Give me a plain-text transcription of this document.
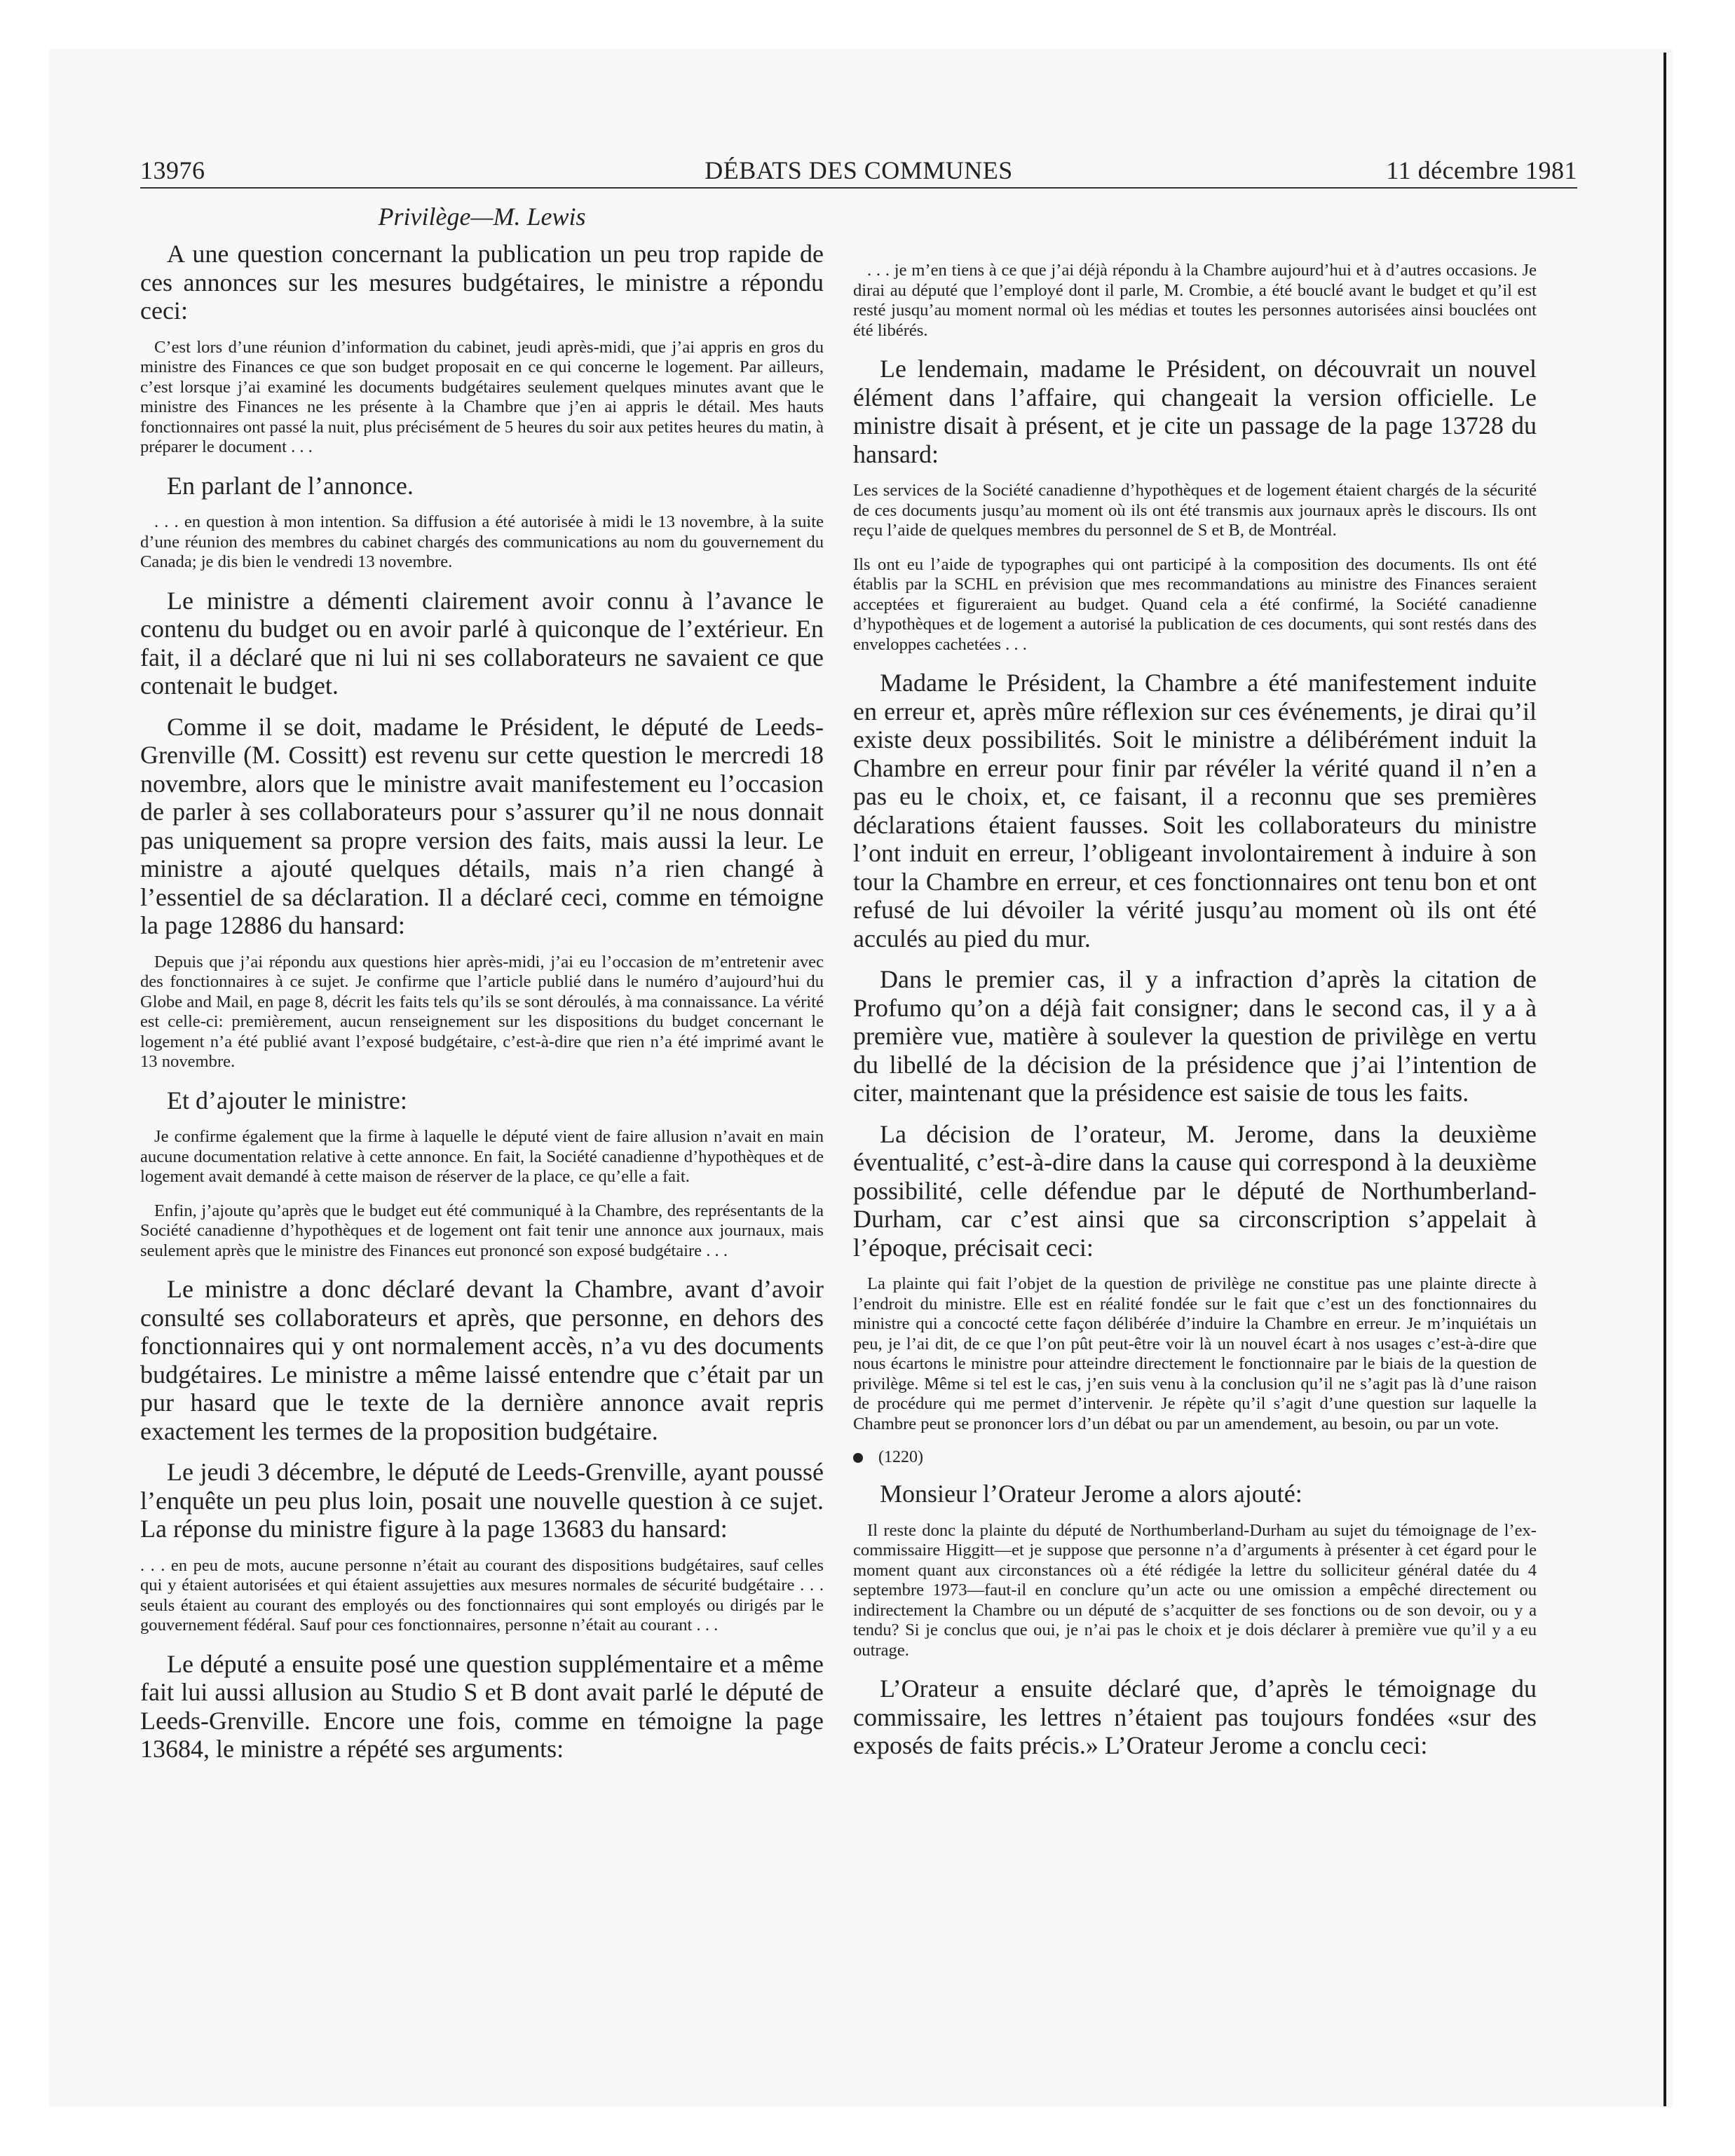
13976	DÉBATS DES COMMUNES	11 décembre 1981

Privilège—M. Lewis

A une question concernant la publication un peu trop rapide de ces annonces sur les mesures budgétaires, le ministre a répondu ceci:

C’est lors d’une réunion d’information du cabinet, jeudi après-midi, que j’ai appris en gros du ministre des Finances ce que son budget proposait en ce qui concerne le logement. Par ailleurs, c’est lorsque j’ai examiné les documents budgétaires seulement quelques minutes avant que le ministre des Finances ne les présente à la Chambre que j’en ai appris le détail. Mes hauts fonctionnaires ont passé la nuit, plus précisément de 5 heures du soir aux petites heures du matin, à préparer le document . . .

En parlant de l’annonce.

. . . en question à mon intention. Sa diffusion a été autorisée à midi le 13 novembre, à la suite d’une réunion des membres du cabinet chargés des communications au nom du gouvernement du Canada; je dis bien le vendredi 13 novembre.

Le ministre a démenti clairement avoir connu à l’avance le contenu du budget ou en avoir parlé à quiconque de l’extérieur. En fait, il a déclaré que ni lui ni ses collaborateurs ne savaient ce que contenait le budget.

Comme il se doit, madame le Président, le député de Leeds-Grenville (M. Cossitt) est revenu sur cette question le mercredi 18 novembre, alors que le ministre avait manifestement eu l’occasion de parler à ses collaborateurs pour s’assurer qu’il ne nous donnait pas uniquement sa propre version des faits, mais aussi la leur. Le ministre a ajouté quelques détails, mais n’a rien changé à l’essentiel de sa déclaration. Il a déclaré ceci, comme en témoigne la page 12886 du hansard:

Depuis que j’ai répondu aux questions hier après-midi, j’ai eu l’occasion de m’entretenir avec des fonctionnaires à ce sujet. Je confirme que l’article publié dans le numéro d’aujourd’hui du Globe and Mail, en page 8, décrit les faits tels qu’ils se sont déroulés, à ma connaissance. La vérité est celle-ci: premièrement, aucun renseignement sur les dispositions du budget concernant le logement n’a été publié avant l’exposé budgétaire, c’est-à-dire que rien n’a été imprimé avant le 13 novembre.

Et d’ajouter le ministre:

Je confirme également que la firme à laquelle le député vient de faire allusion n’avait en main aucune documentation relative à cette annonce. En fait, la Société canadienne d’hypothèques et de logement avait demandé à cette maison de réserver de la place, ce qu’elle a fait.

Enfin, j’ajoute qu’après que le budget eut été communiqué à la Chambre, des représentants de la Société canadienne d’hypothèques et de logement ont fait tenir une annonce aux journaux, mais seulement après que le ministre des Finances eut prononcé son exposé budgétaire . . .

Le ministre a donc déclaré devant la Chambre, avant d’avoir consulté ses collaborateurs et après, que personne, en dehors des fonctionnaires qui y ont normalement accès, n’a vu des documents budgétaires. Le ministre a même laissé entendre que c’était par un pur hasard que le texte de la dernière annonce avait repris exactement les termes de la proposition budgétaire.

Le jeudi 3 décembre, le député de Leeds-Grenville, ayant poussé l’enquête un peu plus loin, posait une nouvelle question à ce sujet. La réponse du ministre figure à la page 13683 du hansard:

. . . en peu de mots, aucune personne n’était au courant des dispositions budgétaires, sauf celles qui y étaient autorisées et qui étaient assujetties aux mesures normales de sécurité budgétaire . . . seuls étaient au courant des employés ou des fonctionnaires qui sont employés ou dirigés par le gouvernement fédéral. Sauf pour ces fonctionnaires, personne n’était au courant . . .

Le député a ensuite posé une question supplémentaire et a même fait lui aussi allusion au Studio S et B dont avait parlé le député de Leeds-Grenville. Encore une fois, comme en témoigne la page 13684, le ministre a répété ses arguments:

. . . je m’en tiens à ce que j’ai déjà répondu à la Chambre aujourd’hui et à d’autres occasions. Je dirai au député que l’employé dont il parle, M. Crombie, a été bouclé avant le budget et qu’il est resté jusqu’au moment normal où les médias et toutes les personnes autorisées ainsi bouclées ont été libérés.

Le lendemain, madame le Président, on découvrait un nouvel élément dans l’affaire, qui changeait la version officielle. Le ministre disait à présent, et je cite un passage de la page 13728 du hansard:

Les services de la Société canadienne d’hypothèques et de logement étaient chargés de la sécurité de ces documents jusqu’au moment où ils ont été transmis aux journaux après le discours. Ils ont reçu l’aide de quelques membres du personnel de S et B, de Montréal.

Ils ont eu l’aide de typographes qui ont participé à la composition des documents. Ils ont été établis par la SCHL en prévision que mes recommandations au ministre des Finances seraient acceptées et figureraient au budget. Quand cela a été confirmé, la Société canadienne d’hypothèques et de logement a autorisé la publication de ces documents, qui sont restés dans des enveloppes cachetées . . .

Madame le Président, la Chambre a été manifestement induite en erreur et, après mûre réflexion sur ces événements, je dirai qu’il existe deux possibilités. Soit le ministre a délibérément induit la Chambre en erreur pour finir par révéler la vérité quand il n’en a pas eu le choix, et, ce faisant, il a reconnu que ses premières déclarations étaient fausses. Soit les collaborateurs du ministre l’ont induit en erreur, l’obligeant involontairement à induire à son tour la Chambre en erreur, et ces fonctionnaires ont tenu bon et ont refusé de lui dévoiler la vérité jusqu’au moment où ils ont été acculés au pied du mur.

Dans le premier cas, il y a infraction d’après la citation de Profumo qu’on a déjà fait consigner; dans le second cas, il y a à première vue, matière à soulever la question de privilège en vertu du libellé de la décision de la présidence que j’ai l’intention de citer, maintenant que la présidence est saisie de tous les faits.

La décision de l’orateur, M. Jerome, dans la deuxième éventualité, c’est-à-dire dans la cause qui correspond à la deuxième possibilité, celle défendue par le député de Northumberland-Durham, car c’est ainsi que sa circonscription s’appelait à l’époque, précisait ceci:

La plainte qui fait l’objet de la question de privilège ne constitue pas une plainte directe à l’endroit du ministre. Elle est en réalité fondée sur le fait que c’est un des fonctionnaires du ministre qui a concocté cette façon délibérée d’induire la Chambre en erreur. Je m’inquiétais un peu, je l’ai dit, de ce que l’on pût peut-être voir là un nouvel écart à nos usages c’est-à-dire que nous écartons le ministre pour atteindre directement le fonctionnaire par le biais de la question de privilège. Même si tel est le cas, j’en suis venu à la conclusion qu’il ne s’agit pas là d’une raison de procédure qui me permet d’intervenir. Je répète qu’il s’agit d’une question sur laquelle la Chambre peut se prononcer lors d’un débat ou par un amendement, au besoin, ou par un vote.

(1220)

Monsieur l’Orateur Jerome a alors ajouté:

Il reste donc la plainte du député de Northumberland-Durham au sujet du témoignage de l’ex-commissaire Higgitt—et je suppose que personne n’a d’arguments à présenter à cet égard pour le moment quant aux circonstances où a été rédigée la lettre du solliciteur général datée du 4 septembre 1973—faut-il en conclure qu’un acte ou une omission a empêché directement ou indirectement la Chambre ou un député de s’acquitter de ses fonctions ou de son devoir, ou y a tendu? Si je conclus que oui, je n’ai pas le choix et je dois déclarer à première vue qu’il y a eu outrage.

L’Orateur a ensuite déclaré que, d’après le témoignage du commissaire, les lettres n’étaient pas toujours fondées «sur des exposés de faits précis.» L’Orateur Jerome a conclu ceci:
